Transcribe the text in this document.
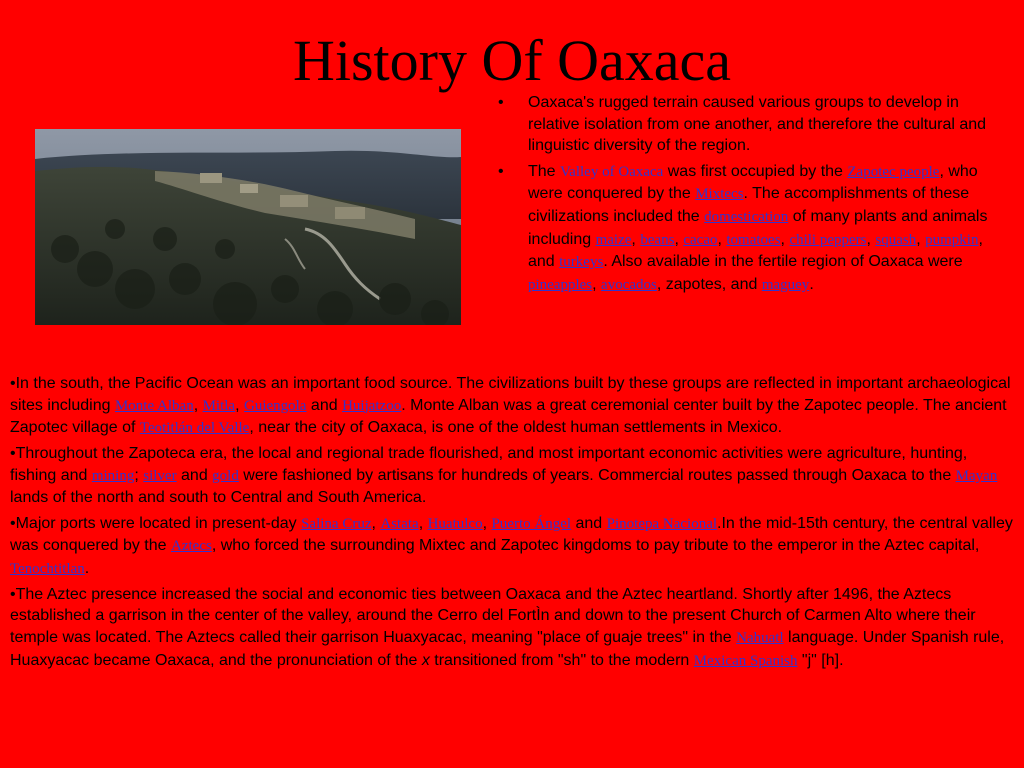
History Of Oaxaca
• Oaxaca's rugged terrain caused various groups to develop in relative isolation from one another, and therefore the cultural and linguistic diversity of the region.
• The Valley of Oaxaca was first occupied by the Zapotec people, who were conquered by the Mixtecs. The accomplishments of these civilizations included the domestication of many plants and animals including maize, beans, cacao, tomatoes, chili peppers, squash, pumpkin, and turkeys. Also available in the fertile region of Oaxaca were pineapples, avocados, zapotes, and maguey.

•In the south, the Pacific Ocean was an important food source. The civilizations built by these groups are reflected in important archaeological sites including Monte Alban, Mitla, Guiengola and Huijatzoo. Monte Alban was a great ceremonial center built by the Zapotec people. The ancient Zapotec village of Teotitlán del Valle, near the city of Oaxaca, is one of the oldest human settlements in Mexico.

•Throughout the Zapoteca era, the local and regional trade flourished, and most important economic activities were agriculture, hunting, fishing and mining; silver and gold were fashioned by artisans for hundreds of years. Commercial routes passed through Oaxaca to the Mayan lands of the north and south to Central and South America.

•Major ports were located in present-day Salina Cruz, Astata, Huatulco, Puerto Ángel and Pinotepa Nacional.In the mid-15th century, the central valley was conquered by the Aztecs, who forced the surrounding Mixtec and Zapotec kingdoms to pay tribute to the emperor in the Aztec capital, Tenochtitlan.

•The Aztec presence increased the social and economic ties between Oaxaca and the Aztec heartland. Shortly after 1496, the Aztecs established a garrison in the center of the valley, around the Cerro del FortÌn and down to the present Church of Carmen Alto where their temple was located. The Aztecs called their garrison Huaxyacac, meaning "place of guaje trees" in the Nahuatl language. Under Spanish rule, Huaxyacac became Oaxaca, and the pronunciation of the x transitioned from "sh" to the modern Mexican Spanish "j" [h].
